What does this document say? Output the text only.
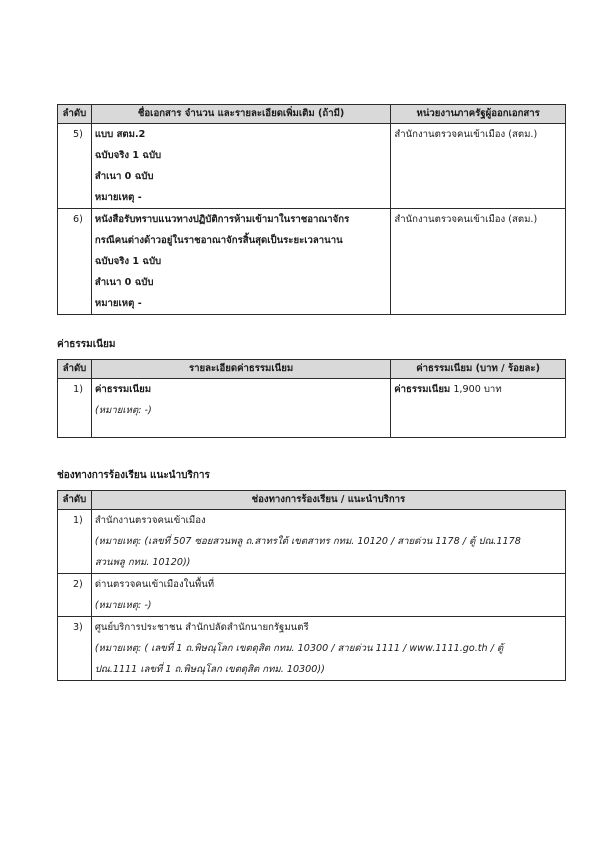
ลำดับ	ชื่อเอกสาร จำนวน และรายละเอียดเพิ่มเติม (ถ้ามี)	หน่วยงานภาครัฐผู้ออกเอกสาร

5)	แบบ สตม.2
ฉบับจริง 1 ฉบับ
สำเนา 0 ฉบับ
หมายเหตุ -	สำนักงานตรวจคนเข้าเมือง (สตม.)

6)	หนังสือรับทราบแนวทางปฏิบัติการห้ามเข้ามาในราชอาณาจักร
กรณีคนต่างด้าวอยู่ในราชอาณาจักรสิ้นสุดเป็นระยะเวลานาน
ฉบับจริง 1 ฉบับ
สำเนา 0 ฉบับ
หมายเหตุ -	สำนักงานตรวจคนเข้าเมือง (สตม.)
ค่าธรรมเนียม
ลำดับ	รายละเอียดค่าธรรมเนียม	ค่าธรรมเนียม (บาท / ร้อยละ)

1)	ค่าธรรมเนียม
(หมายเหตุ: -)	ค่าธรรมเนียม 1,900 บาท
ช่องทางการร้องเรียน แนะนำบริการ
ลำดับ	ช่องทางการร้องเรียน / แนะนำบริการ

1)	สำนักงานตรวจคนเข้าเมือง
(หมายเหตุ: (เลขที่ 507 ซอยสวนพลู ถ.สาทรใต้ เขตสาทร กทม. 10120 / สายด่วน 1178 / ตู้ ปณ.1178
สวนพลู กทม. 10120))

2)	ด่านตรวจคนเข้าเมืองในพื้นที่
(หมายเหตุ: -)

3)	ศูนย์บริการประชาชน สำนักปลัดสำนักนายกรัฐมนตรี
(หมายเหตุ: ( เลขที่ 1 ถ.พิษณุโลก เขตดุสิต กทม. 10300 / สายด่วน 1111 / www.1111.go.th / ตู้
ปณ.1111 เลขที่ 1 ถ.พิษณุโลก เขตดุสิต กทม. 10300))
